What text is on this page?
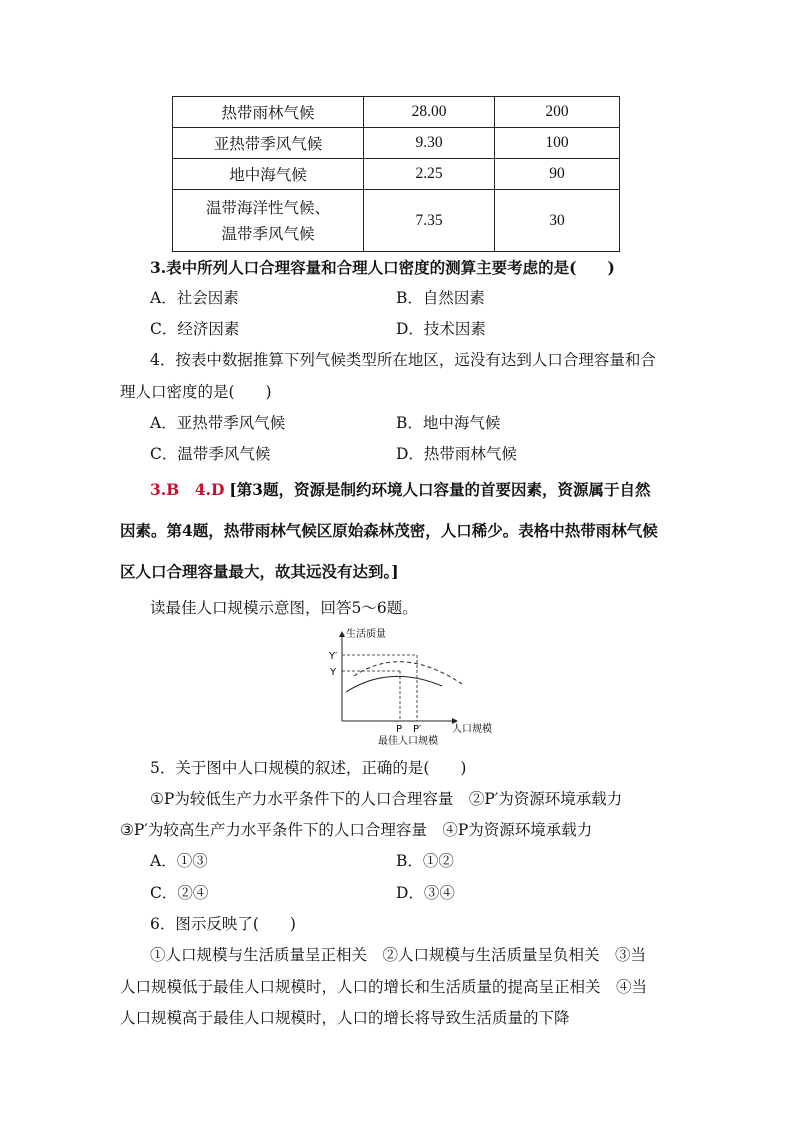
热带雨林气候	28.00	200
亚热带季风气候	9.30	100
地中海气候	2.25	90

温带海洋性气候、
温带季风气候	7.35	30
3.表中所列人口合理容量和合理人口密度的测算主要考虑的是(　　)
A．社会因素	B．自然因素
C．经济因素	D．技术因素
4．按表中数据推算下列气候类型所在地区，远没有达到人口合理容量和合
理人口密度的是(　　)
A．亚热带季风气候	B．地中海气候
C．温带季风气候	D．热带雨林气候
3.B　4.D [第3题，资源是制约环境人口容量的首要因素，资源属于自然
因素。第4题，热带雨林气候区原始森林茂密，人口稀少。表格中热带雨林气候
区人口合理容量最大，故其远没有达到。]
读最佳人口规模示意图，回答5～6题。
生活质量
Y′
Y
P P′	人口规模
最佳人口规模
5．关于图中人口规模的叙述，正确的是(　　)
①P为较低生产力水平条件下的人口合理容量　②P′为资源环境承载力
③P′为较高生产力水平条件下的人口合理容量　④P为资源环境承载力
A．①③	B．①②
C．②④	D．③④
6．图示反映了(　　)
①人口规模与生活质量呈正相关　②人口规模与生活质量呈负相关　③当
人口规模低于最佳人口规模时，人口的增长和生活质量的提高呈正相关　④当
人口规模高于最佳人口规模时，人口的增长将导致生活质量的下降
